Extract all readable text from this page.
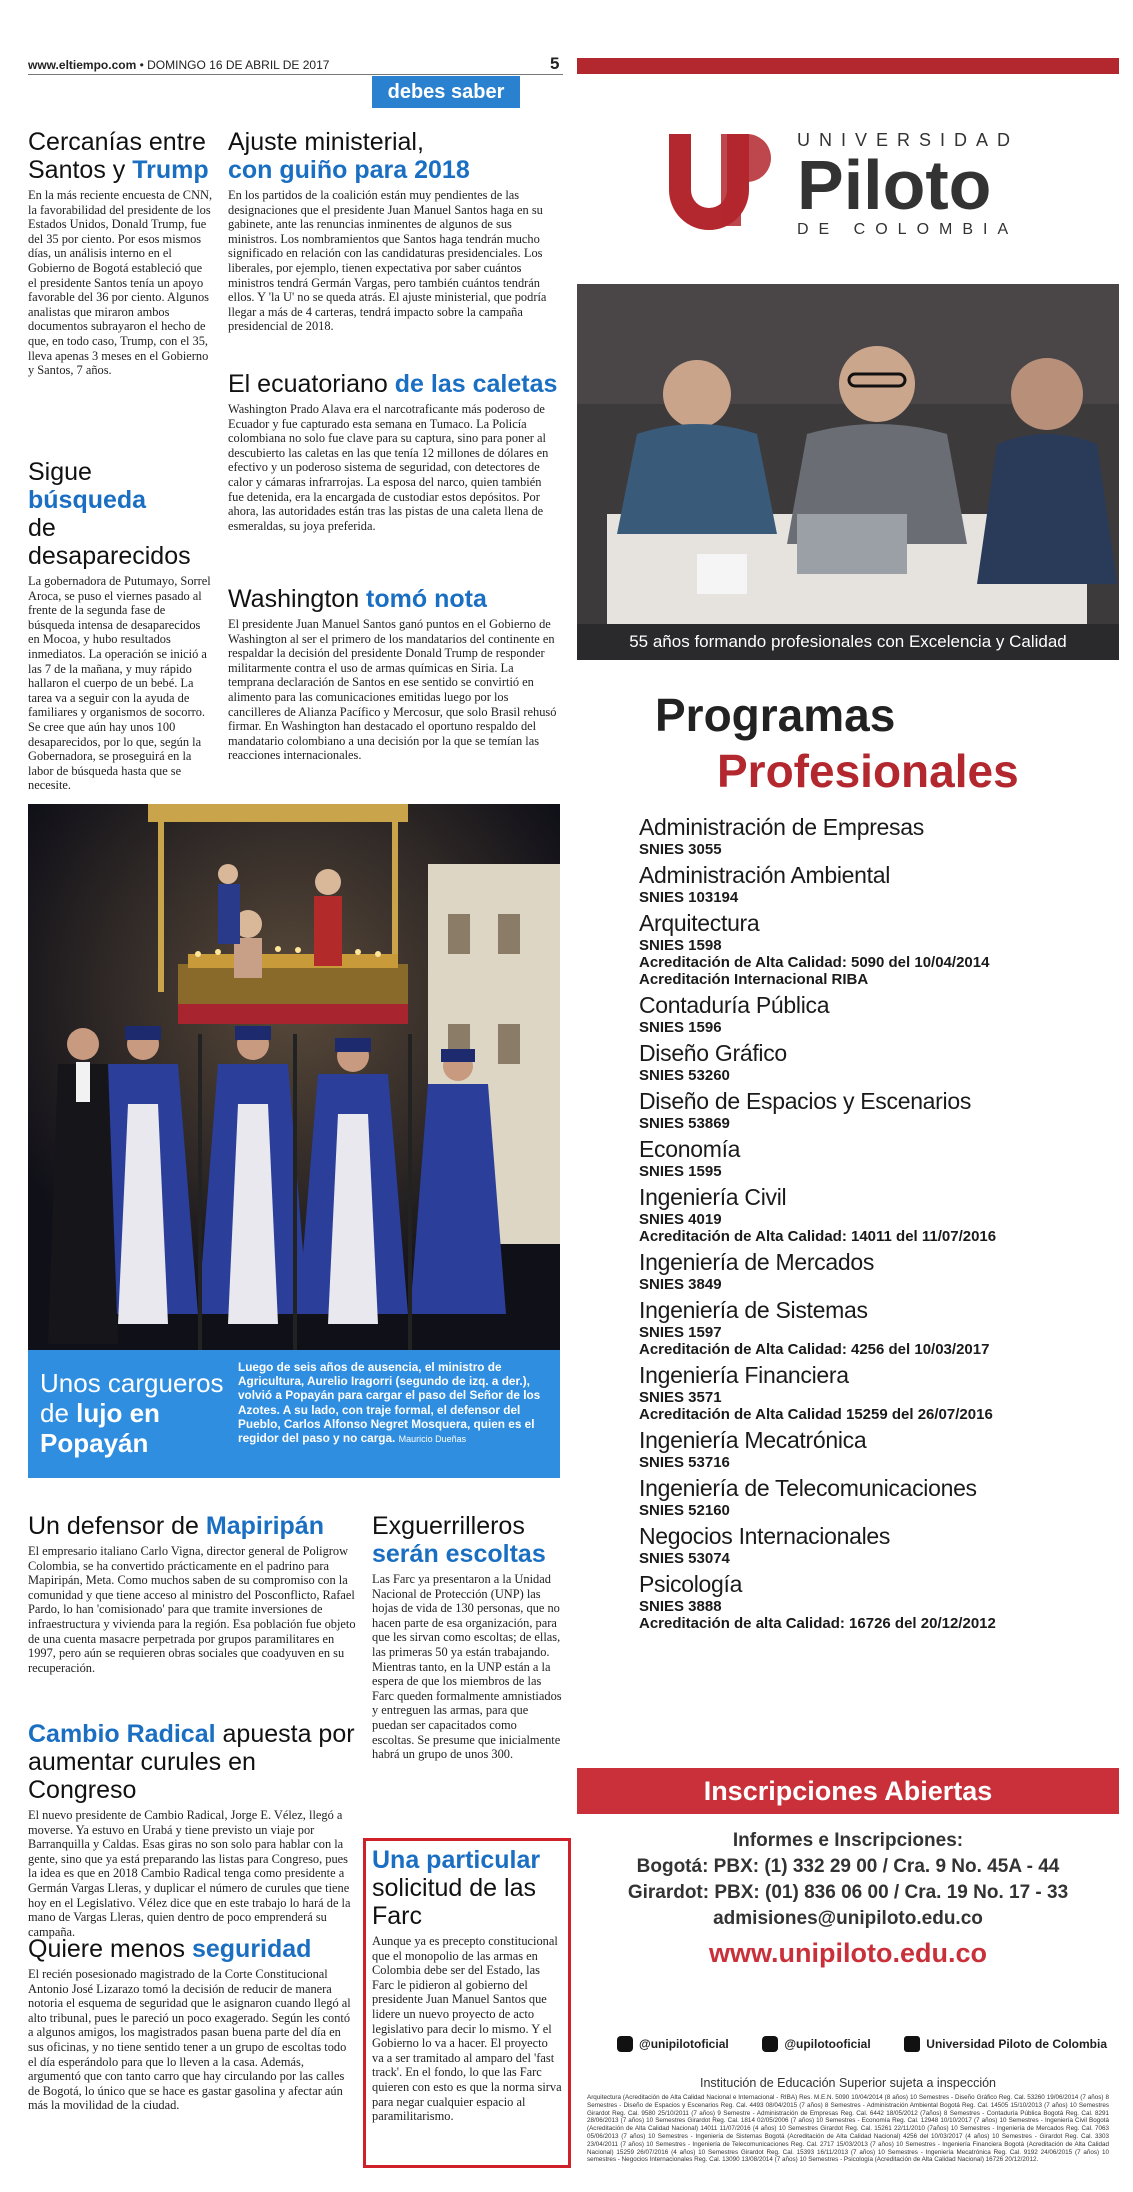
www.eltiempo.com • DOMINGO 16 DE ABRIL DE 2017	5
debes saber

Cercanías entre
Santos y Trump

En la más reciente encuesta de CNN, la favorabilidad del presidente de los Estados Unidos, Donald Trump, fue del 35 por ciento. Por esos mismos días, un análisis interno en el Gobierno de Bogotá estableció que el presidente Santos tenía un apoyo favorable del 36 por ciento. Algunos analistas que miraron ambos documentos subrayaron el hecho de que, en todo caso, Trump, con el 35, lleva apenas 3 meses en el Gobierno y Santos, 7 años.

Sigue búsqueda
de desaparecidos

La gobernadora de Putumayo, Sorrel Aroca, se puso el viernes pasado al frente de la segunda fase de búsqueda intensa de desaparecidos en Mocoa, y hubo resultados inmediatos. La operación se inició a las 7 de la mañana, y muy rápido hallaron el cuerpo de un bebé. La tarea va a seguir con la ayuda de familiares y organismos de socorro. Se cree que aún hay unos 100 desaparecidos, por lo que, según la Gobernadora, se proseguirá en la labor de búsqueda hasta que se necesite.

Ajuste ministerial,
con guiño para 2018

En los partidos de la coalición están muy pendientes de las designaciones que el presidente Juan Manuel Santos haga en su gabinete, ante las renuncias inminentes de algunos de sus ministros. Los nombramientos que Santos haga tendrán mucho significado en relación con las candidaturas presidenciales. Los liberales, por ejemplo, tienen expectativa por saber cuántos ministros tendrá Germán Vargas, pero también cuántos tendrán ellos. Y 'la U' no se queda atrás. El ajuste ministerial, que podría llegar a más de 4 carteras, tendrá impacto sobre la campaña presidencial de 2018.

El ecuatoriano de las caletas

Washington Prado Alava era el narcotraficante más poderoso de Ecuador y fue capturado esta semana en Tumaco. La Policía colombiana no solo fue clave para su captura, sino para poner al descubierto las caletas en las que tenía 12 millones de dólares en efectivo y un poderoso sistema de seguridad, con detectores de calor y cámaras infrarrojas. La esposa del narco, quien también fue detenida, era la encargada de custodiar estos depósitos. Por ahora, las autoridades están tras las pistas de una caleta llena de esmeraldas, su joya preferida.

Washington tomó nota

El presidente Juan Manuel Santos ganó puntos en el Gobierno de Washington al ser el primero de los mandatarios del continente en respaldar la decisión del presidente Donald Trump de responder militarmente contra el uso de armas químicas en Siria. La temprana declaración de Santos en ese sentido se convirtió en alimento para las comunicaciones emitidas luego por los cancilleres de Alianza Pacífico y Mercosur, que solo Brasil rehusó firmar. En Washington han destacado el oportuno respaldo del mandatario colombiano a una decisión por la que se temían las reacciones internacionales.

Unos cargueros
de lujo en Popayán
Luego de seis años de ausencia, el ministro de Agricultura, Aurelio Iragorri (segundo de izq. a der.), volvió a Popayán para cargar el paso del Señor de los Azotes. A su lado, con traje formal, el defensor del Pueblo, Carlos Alfonso Negret Mosquera, quien es el regidor del paso y no carga. Mauricio Dueñas

Un defensor de Mapiripán

El empresario italiano Carlo Vigna, director general de Poligrow Colombia, se ha convertido prácticamente en el padrino para Mapiripán, Meta. Como muchos saben de su compromiso con la comunidad y que tiene acceso al ministro del Posconflicto, Rafael Pardo, lo han 'comisionado' para que tramite inversiones de infraestructura y vivienda para la región. Esa población fue objeto de una cuenta masacre perpetrada por grupos paramilitares en 1997, pero aún se requieren obras sociales que coadyuven en su recuperación.

Cambio Radical apuesta por
aumentar curules en Congreso

El nuevo presidente de Cambio Radical, Jorge E. Vélez, llegó a moverse. Ya estuvo en Urabá y tiene previsto un viaje por Barranquilla y Caldas. Esas giras no son solo para hablar con la gente, sino que ya está preparando las listas para Congreso, pues la idea es que en 2018 Cambio Radical tenga como presidente a Germán Vargas Lleras, y duplicar el número de curules que tiene hoy en el Legislativo. Vélez dice que en este trabajo lo hará de la mano de Vargas Lleras, quien dentro de poco emprenderá su campaña.

Quiere menos seguridad

El recién posesionado magistrado de la Corte Constitucional Antonio José Lizarazo tomó la decisión de reducir de manera notoria el esquema de seguridad que le asignaron cuando llegó al alto tribunal, pues le pareció un poco exagerado. Según les contó a algunos amigos, los magistrados pasan buena parte del día en sus oficinas, y no tiene sentido tener a un grupo de escoltas todo el día esperándolo para que lo lleven a la casa. Además, argumentó que con tanto carro que hay circulando por las calles de Bogotá, lo único que se hace es gastar gasolina y afectar aún más la movilidad de la ciudad.

Exguerrilleros
serán escoltas

Las Farc ya presentaron a la Unidad Nacional de Protección (UNP) las hojas de vida de 130 personas, que no hacen parte de esa organización, para que les sirvan como escoltas; de ellas, las primeras 50 ya están trabajando. Mientras tanto, en la UNP están a la espera de que los miembros de las Farc queden formalmente amnistiados y entreguen las armas, para que puedan ser capacitados como escoltas. Se presume que inicialmente habrá un grupo de unos 300.

Una particular
solicitud de las Farc

Aunque ya es precepto constitucional que el monopolio de las armas en Colombia debe ser del Estado, las Farc le pidieron al gobierno del presidente Juan Manuel Santos que lidere un nuevo proyecto de acto legislativo para decir lo mismo. Y el Gobierno lo va a hacer. El proyecto va a ser tramitado al amparo del 'fast track'. En el fondo, lo que las Farc quieren con esto es que la norma sirva para negar cualquier espacio al paramilitarismo.

UNIVERSIDAD
Piloto
DE COLOMBIA
55 años formando profesionales con Excelencia y Calidad
Programas
Profesionales
Administración de Empresas
SNIES 3055
Administración Ambiental
SNIES 103194
Arquitectura
SNIES 1598
Acreditación de Alta Calidad: 5090 del 10/04/2014
Acreditación Internacional RIBA
Contaduría Pública
SNIES 1596
Diseño Gráfico
SNIES 53260
Diseño de Espacios y Escenarios
SNIES 53869
Economía
SNIES 1595
Ingeniería Civil
SNIES 4019
Acreditación de Alta Calidad: 14011 del 11/07/2016
Ingeniería de Mercados
SNIES 3849
Ingeniería de Sistemas
SNIES 1597
Acreditación de Alta Calidad: 4256 del 10/03/2017
Ingeniería Financiera
SNIES 3571
Acreditación de Alta Calidad 15259 del 26/07/2016
Ingeniería Mecatrónica
SNIES 53716
Ingeniería de Telecomunicaciones
SNIES 52160
Negocios Internacionales
SNIES 53074
Psicología
SNIES 3888
Acreditación de alta Calidad: 16726 del 20/12/2012
Inscripciones Abiertas
Informes e Inscripciones:
Bogotá: PBX: (1) 332 29 00 / Cra. 9 No. 45A - 44
Girardot: PBX: (01) 836 06 00 / Cra. 19 No. 17 - 33
admisiones@unipiloto.edu.co
www.unipiloto.edu.co
@unipilotoficial	@upilotooficial	Universidad Piloto de Colombia
Institución de Educación Superior sujeta a inspección
Arquitectura (Acreditación de Alta Calidad Nacional e Internacional - RIBA) Res. M.E.N. 5090 10/04/2014 (8 años) 10 Semestres - Diseño Gráfico Reg. Cal. 53260 19/06/2014 (7 años) 8 Semestres - Diseño de Espacios y Escenarios Reg. Cal. 4493 08/04/2015 (7 años) 8 Semestres - Administración Ambiental Bogotá Reg. Cal. 14505 15/10/2013 (7 años) 10 Semestres Girardot Reg. Cal. 9580 25/10/2011 (7 años) 9 Semestre - Administración de Empresas Reg. Cal. 6442 18/05/2012 (7años) 8 Semestres - Contaduría Pública Bogotá Reg. Cal. 8291 28/06/2013 (7 años) 10 Semestres Girardot Reg. Cal. 1814 02/05/2006 (7 años) 10 Semestres - Economía Reg. Cal. 12948 10/10/2017 (7 años) 10 Semestres - Ingeniería Civil Bogotá (Acreditación de Alta Calidad Nacional) 14011 11/07/2016 (4 años) 10 Semestres Girardot Reg. Cal. 15261 22/11/2010 (7años) 10 Semestres - Ingeniería de Mercados Reg. Cal. 7063 05/06/2013 (7 años) 10 Semestres - Ingeniería de Sistemas Bogotá (Acreditación de Alta Calidad Nacional) 4256 del 10/03/2017 (4 años) 10 Semestres - Girardot Reg. Cal. 3303 23/04/2011 (7 años) 10 Semestres - Ingeniería de Telecomunicaciones Reg. Cal. 2717 15/03/2013 (7 años) 10 Semestres - Ingeniería Financiera Bogotá (Acreditación de Alta Calidad Nacional) 15259 26/07/2016 (4 años) 10 Semestres Girardot Reg. Cal. 15393 16/11/2013 (7 años) 10 Semestres - Ingeniería Mecatrónica Reg. Cal. 9192 24/06/2015 (7 años) 10 semestres - Negocios Internacionales Reg. Cal. 13090 13/08/2014 (7 años) 10 Semestres - Psicología (Acreditación de Alta Calidad Nacional) 16726 20/12/2012.
